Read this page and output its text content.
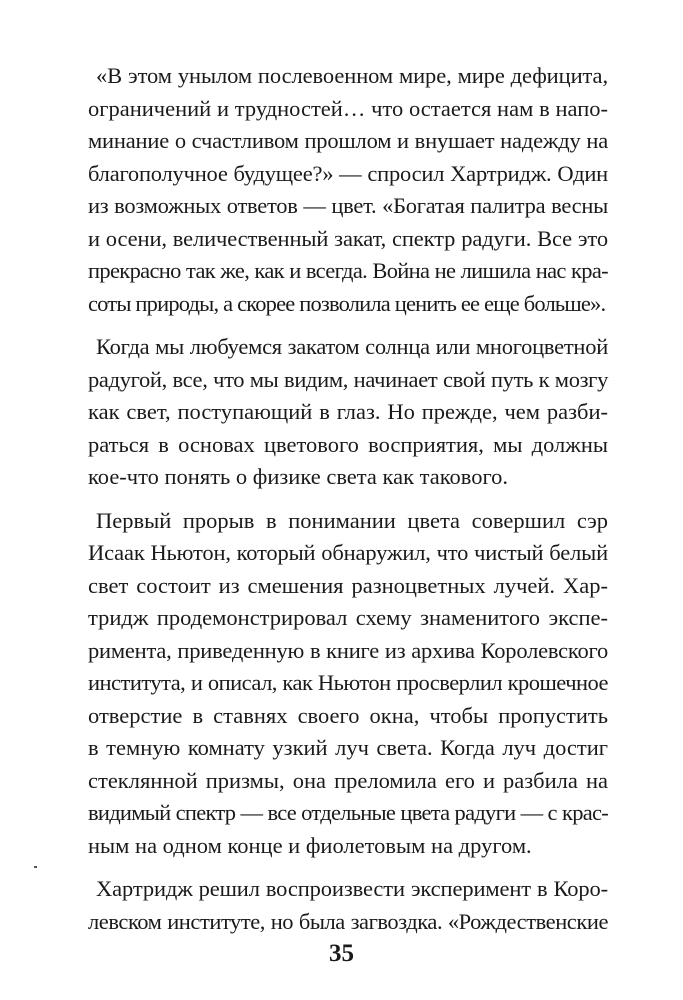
«В этом унылом послевоенном мире, мире дефицита,
ограничений и трудностей… что остается нам в напо-
минание о счастливом прошлом и внушает надежду на
благополучное будущее?» — спросил Хартридж. Один
из возможных ответов — цвет. «Богатая палитра весны
и осени, величественный закат, спектр радуги. Все это
прекрасно так же, как и всегда. Война не лишила нас кра-
соты природы, а скорее позволила ценить ее еще больше».
Когда мы любуемся закатом солнца или многоцветной
радугой, все, что мы видим, начинает свой путь к мозгу
как свет, поступающий в глаз. Но прежде, чем разби-
раться в основах цветового восприятия, мы должны
кое-что понять о физике света как такового.
Первый прорыв в понимании цвета совершил сэр
Исаак Ньютон, который обнаружил, что чистый белый
свет состоит из смешения разноцветных лучей. Хар-
тридж продемонстрировал схему знаменитого экспе-
римента, приведенную в книге из архива Королевского
института, и описал, как Ньютон просверлил крошечное
отверстие в ставнях своего окна, чтобы пропустить
в темную комнату узкий луч света. Когда луч достиг
стеклянной призмы, она преломила его и разбила на
видимый спектр — все отдельные цвета радуги — с крас-
ным на одном конце и фиолетовым на другом.
Хартридж решил воспроизвести эксперимент в Коро-
левском институте, но была загвоздка. «Рождественские
35
